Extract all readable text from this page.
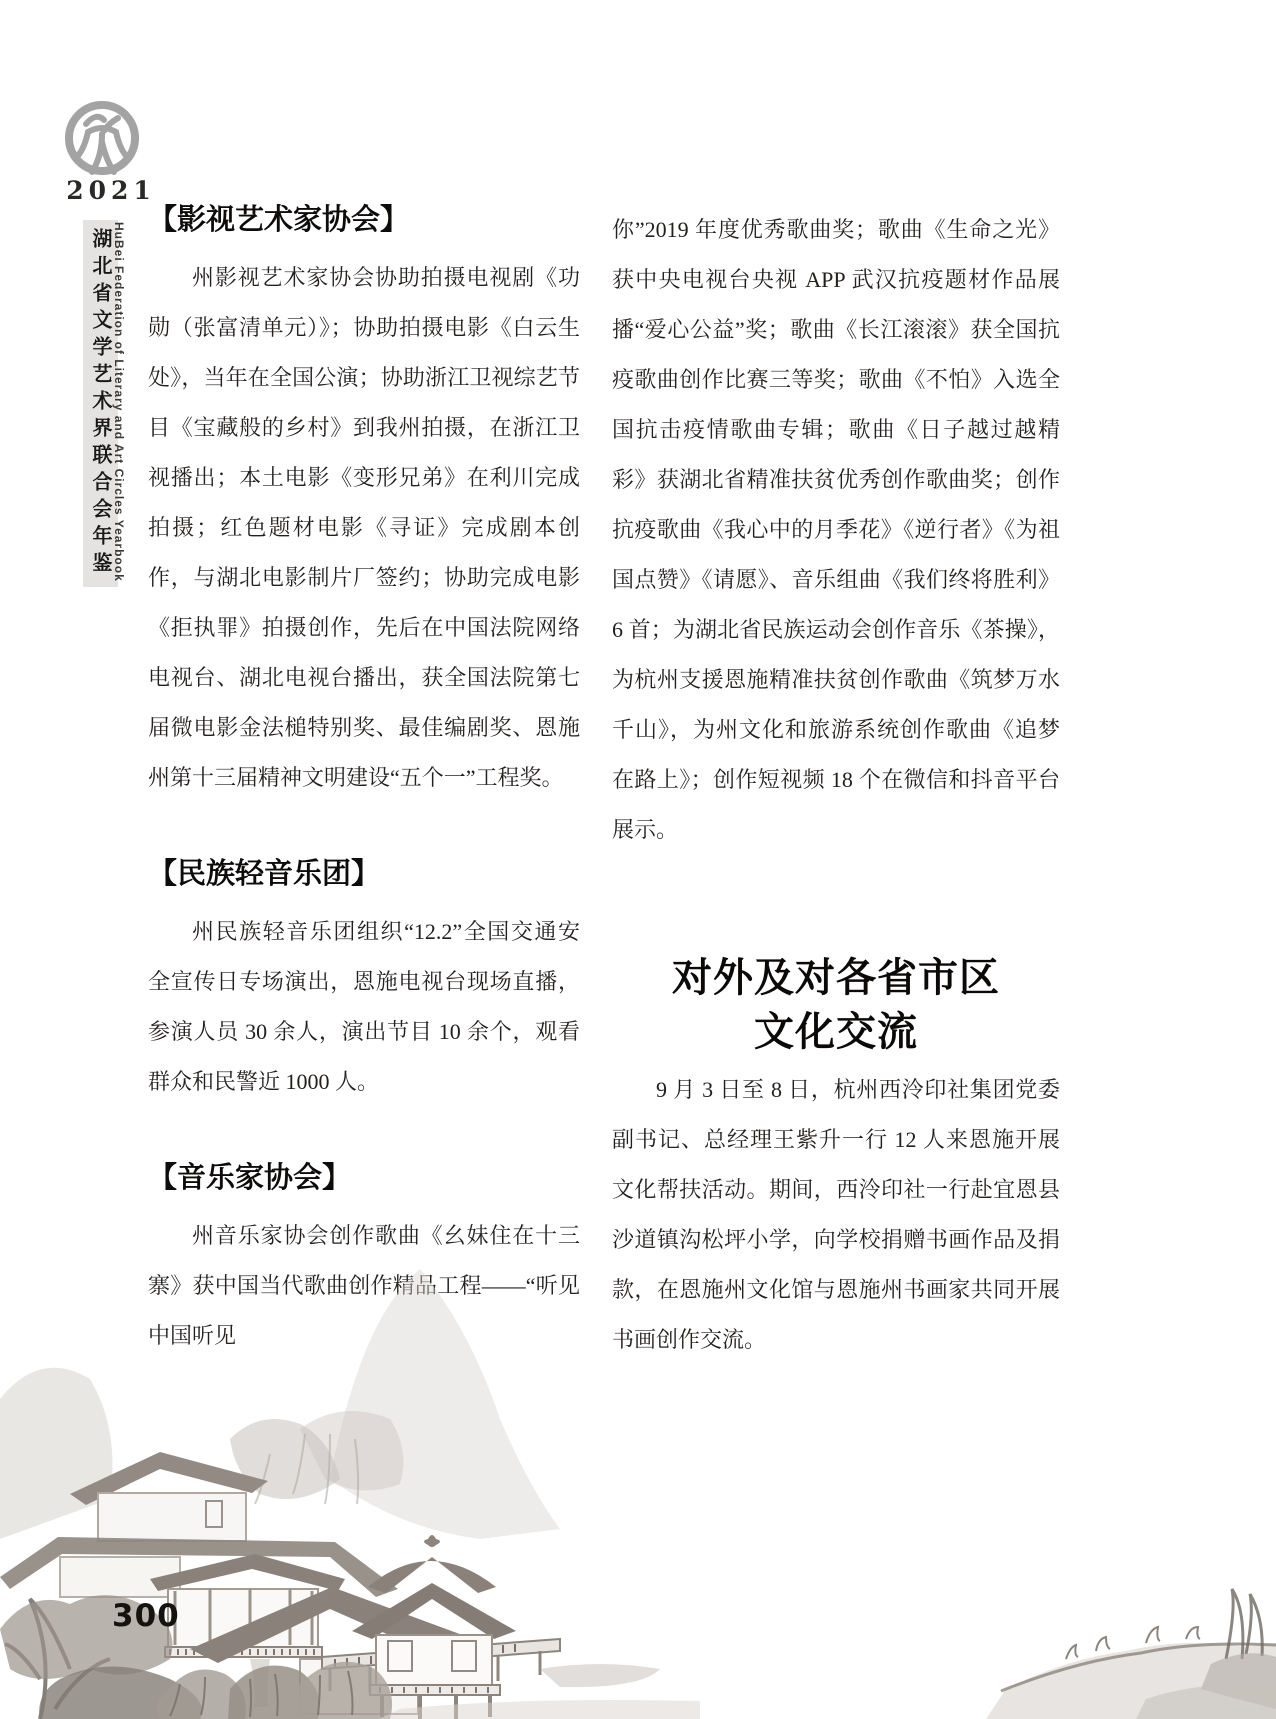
2021
湖北省文学艺术界联合会年鉴 HuBei Federation of Literary and Art Circles Yearbook
【影视艺术家协会】

州影视艺术家协会协助拍摄电视剧《功勋（张富清单元）》；协助拍摄电影《白云生处》，当年在全国公演；协助浙江卫视综艺节目《宝藏般的乡村》到我州拍摄，在浙江卫视播出；本土电影《变形兄弟》在利川完成拍摄；红色题材电影《寻证》完成剧本创作，与湖北电影制片厂签约；协助完成电影《拒执罪》拍摄创作，先后在中国法院网络电视台、湖北电视台播出，获全国法院第七届微电影金法槌特别奖、最佳编剧奖、恩施州第十三届精神文明建设“五个一”工程奖。

【民族轻音乐团】

州民族轻音乐团组织“12.2”全国交通安全宣传日专场演出，恩施电视台现场直播，参演人员 30 余人，演出节目 10 余个，观看群众和民警近 1000 人。

【音乐家协会】

州音乐家协会创作歌曲《幺妹住在十三寨》获中国当代歌曲创作精品工程——“听见中国听见

你”2019 年度优秀歌曲奖；歌曲《生命之光》获中央电视台央视 APP 武汉抗疫题材作品展播“爱心公益”奖；歌曲《长江滚滚》获全国抗疫歌曲创作比赛三等奖；歌曲《不怕》入选全国抗击疫情歌曲专辑；歌曲《日子越过越精彩》获湖北省精准扶贫优秀创作歌曲奖；创作抗疫歌曲《我心中的月季花》《逆行者》《为祖国点赞》《请愿》、音乐组曲《我们终将胜利》6 首；为湖北省民族运动会创作音乐《茶操》，为杭州支援恩施精准扶贫创作歌曲《筑梦万水千山》，为州文化和旅游系统创作歌曲《追梦在路上》；创作短视频 18 个在微信和抖音平台展示。

对外及对各省市区
文化交流

9 月 3 日至 8 日，杭州西泠印社集团党委副书记、总经理王紫升一行 12 人来恩施开展文化帮扶活动。期间，西泠印社一行赴宜恩县沙道镇沟松坪小学，向学校捐赠书画作品及捐款，在恩施州文化馆与恩施州书画家共同开展书画创作交流。

300
